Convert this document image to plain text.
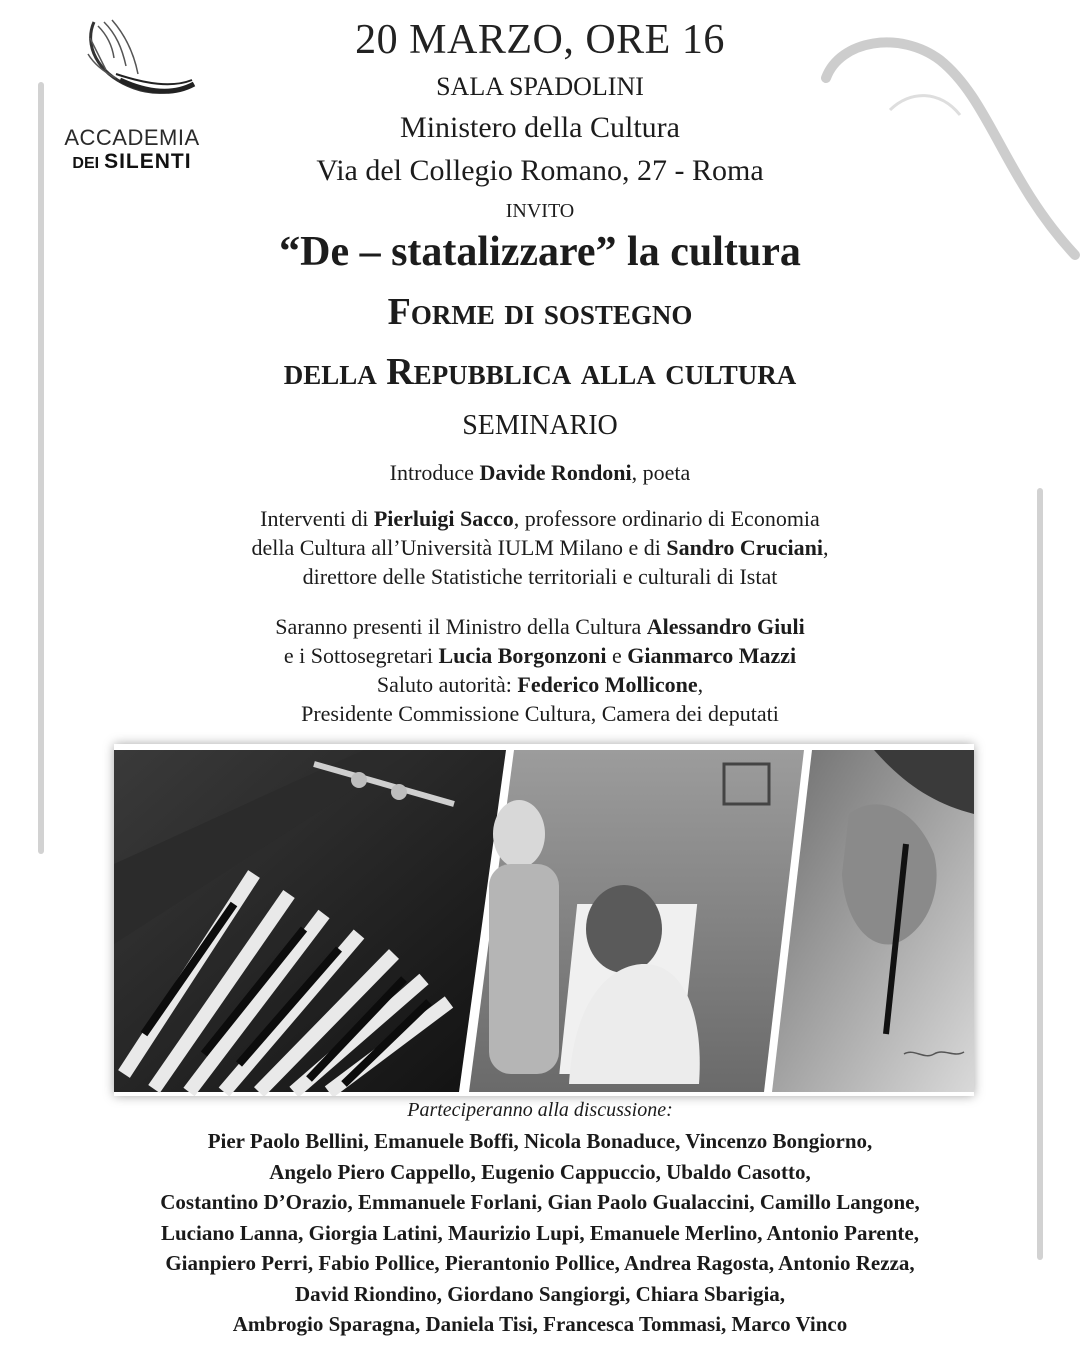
ACCADEMIA
DEI SILENTI
20 MARZO, ORE 16
SALA SPADOLINI
Ministero della Cultura
Via del Collegio Romano, 27 - Roma
INVITO
“De – statalizzare” la cultura
Forme di sostegno
della Repubblica alla cultura
SEMINARIO
Introduce Davide Rondoni, poeta
Interventi di Pierluigi Sacco, professore ordinario di Economia
della Cultura all’Università IULM Milano e di Sandro Cruciani,
direttore delle Statistiche territoriali e culturali di Istat
Saranno presenti il Ministro della Cultura Alessandro Giuli
e i Sottosegretari Lucia Borgonzoni e Gianmarco Mazzi
Saluto autorità: Federico Mollicone,
Presidente Commissione Cultura, Camera dei deputati
Parteciperanno alla discussione:
Pier Paolo Bellini, Emanuele Boffi, Nicola Bonaduce, Vincenzo Bongiorno,
Angelo Piero Cappello, Eugenio Cappuccio, Ubaldo Casotto,
Costantino D’Orazio, Emmanuele Forlani, Gian Paolo Gualaccini, Camillo Langone,
Luciano Lanna, Giorgia Latini, Maurizio Lupi, Emanuele Merlino, Antonio Parente,
Gianpiero Perri, Fabio Pollice, Pierantonio Pollice, Andrea Ragosta, Antonio Rezza,
David Riondino, Giordano Sangiorgi, Chiara Sbarigia,
Ambrogio Sparagna, Daniela Tisi, Francesca Tommasi, Marco Vinco
